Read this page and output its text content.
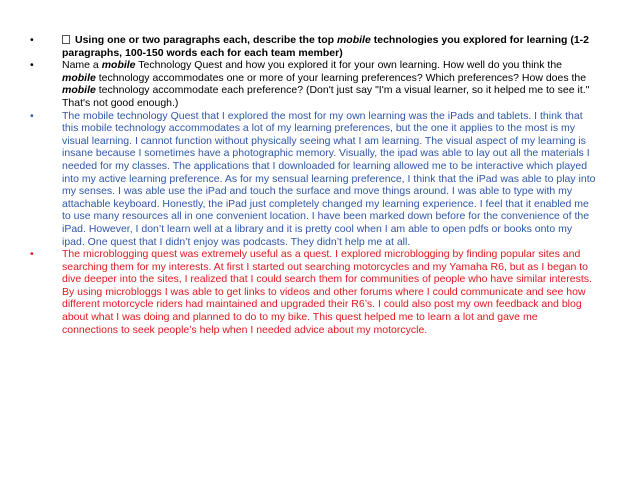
•	Using one or two paragraphs each, describe the top mobile technologies you explored for learning (1-2 paragraphs, 100-150 words each for each team member)
•	Name a mobile Technology Quest and how you explored it for your own learning. How well do you think the mobile technology accommodates one or more of your learning preferences? Which preferences? How does the mobile technology accommodate each preference? (Don't just say "I'm a visual learner, so it helped me to see it." That's not good enough.)
•	The mobile technology Quest that I explored the most for my own learning was the iPads and tablets. I think that this mobile technology accommodates a lot of my learning preferences, but the one it applies to the most is my visual learning. I cannot function without physically seeing what I am learning. The visual aspect of my learning is insane because I sometimes have a photographic memory. Visually, the ipad was able to lay out all the materials I needed for my classes. The applications that I downloaded for learning allowed me to be interactive which played into my active learning preference. As for my sensual learning preference, I think that the iPad was able to play into my senses. I was able use the iPad and touch the surface and move things around. I was able to type with my attachable keyboard. Honestly, the iPad just completely changed my learning experience. I feel that it enabled me to use many resources all in one convenient location. I have been marked down before for the convenience of the iPad. However, I don’t learn well at a library and it is pretty cool when I am able to open pdfs or books onto my ipad. One quest that I didn’t enjoy was podcasts. They didn’t help me at all.
•	The microblogging quest was extremely useful as a quest. I explored microblogging by finding popular sites and searching them for my interests. At first I started out searching motorcycles and my Yamaha R6, but as I began to dive deeper into the sites, I realized that I could search them for communities of people who have similar interests. By using microbloggs I was able to get links to videos and other forums where I could communicate and see how different motorcycle riders had maintained and upgraded their R6’s. I could also post my own feedback and blog about what I was doing and planned to do to my bike. This quest helped me to learn a lot and gave me connections to seek people’s help when I needed advice about my motorcycle.
